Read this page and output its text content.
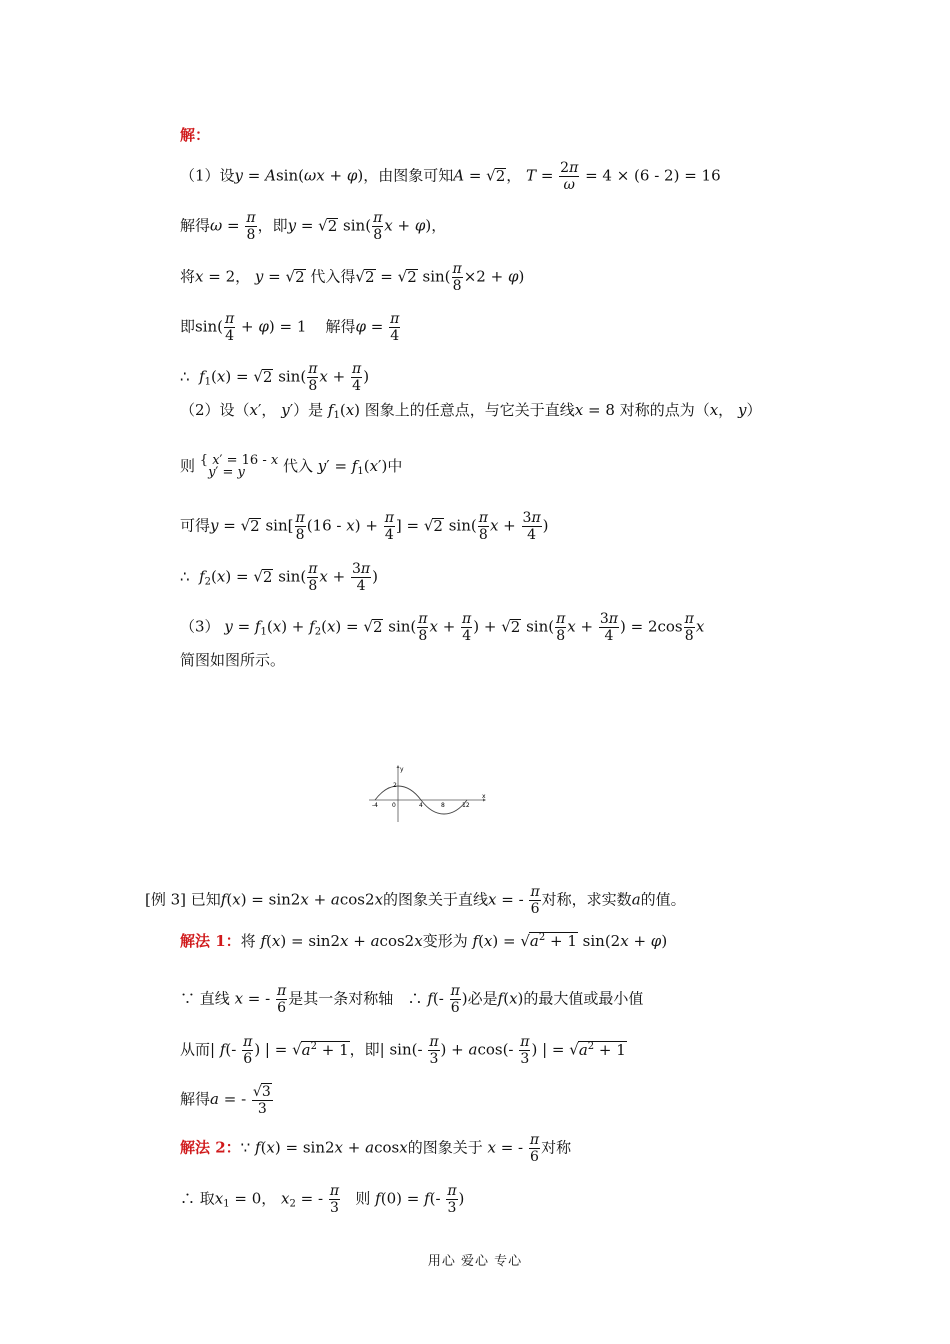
解：
（1）设y = Asin(ωx + φ)，由图象可知A = √2， $T = \frac{2\pi}{\omega} = 4 \times (6 - 2) = 16$
解得$\omega = \frac{\pi}{8}$ ，即y = √2 $\sin( \frac{\pi}{8}$ x + φ)，
将x = 2， y = √2 代入得√2 = √2 $\sin( \frac{\pi}{8} \times 2 + \varphi)$
即$\sin( \frac{\pi}{4} + \varphi) = 1$    解得$\varphi = \frac{\pi}{4}$
∴ $f_1(x) = √2$ $\sin( \frac{\pi}{8}$ $x + \frac{\pi}{4}$ )
（2）设（x′， y′）是 $f_1(x)$ 图象上的任意点，与它关于直线x = 8 对称的点为（x， y）
则 { x′ = 16 - x
y′ = y	代入 $y' = f_1(x')$中
可得y = √2 $\sin[ \frac{\pi}{8} (16 - x) + \frac{\pi}{4}$ ] = √2 $\sin( \frac{\pi}{8}$ $x + \frac{3\pi}{4}$ )
∴ $f_2(x) = √2$ $\sin( \frac{\pi}{8}$ $x + \frac{3\pi}{4}$ )
（3） $y = f_1(x) + f_2(x) = √2$ $\sin( \frac{\pi}{8}$ $x + \frac{\pi}{4}$ ) + √2 $\sin( \frac{\pi}{8}$ $x + \frac{3\pi}{4}$ ) = $2\cos \frac{\pi}{8}$ x
简图如图所示。
-4 0	4	8	12
2
x
y
[例 3] 已知f(x) = sin2x + acos2x的图象关于直线x = - $\frac{\pi}{6}$ 对称，求实数a的值。
解法 1：将 f(x) = sin2x + acos2x变形为 $f(x) = √a^2 + 1$ sin(2x + φ)
∵ 直线 x = - $\frac{\pi}{6}$ 是其一条对称轴 ∴ $f(- \frac{\pi}{6}$ )必是f(x)的最大值或最小值
从而| $f(- \frac{\pi}{6}$ ) | = $√a^2 + 1$，即| $\sin(- \frac{\pi}{3}$ ) + $acos(- \frac{\pi}{3}$ ) | = $√a^2 + 1$
解得a = - $\frac{√3}{3}$
解法 2：∵ f(x) = sin2x + acosx的图象关于 x = - $\frac{\pi}{6}$ 对称
∴ 取$x_1 = 0$， $x_2$ = - $\frac{\pi}{3}$ 则 $f(0) = f(- \frac{\pi}{3}$ )
用心 爱心 专心
